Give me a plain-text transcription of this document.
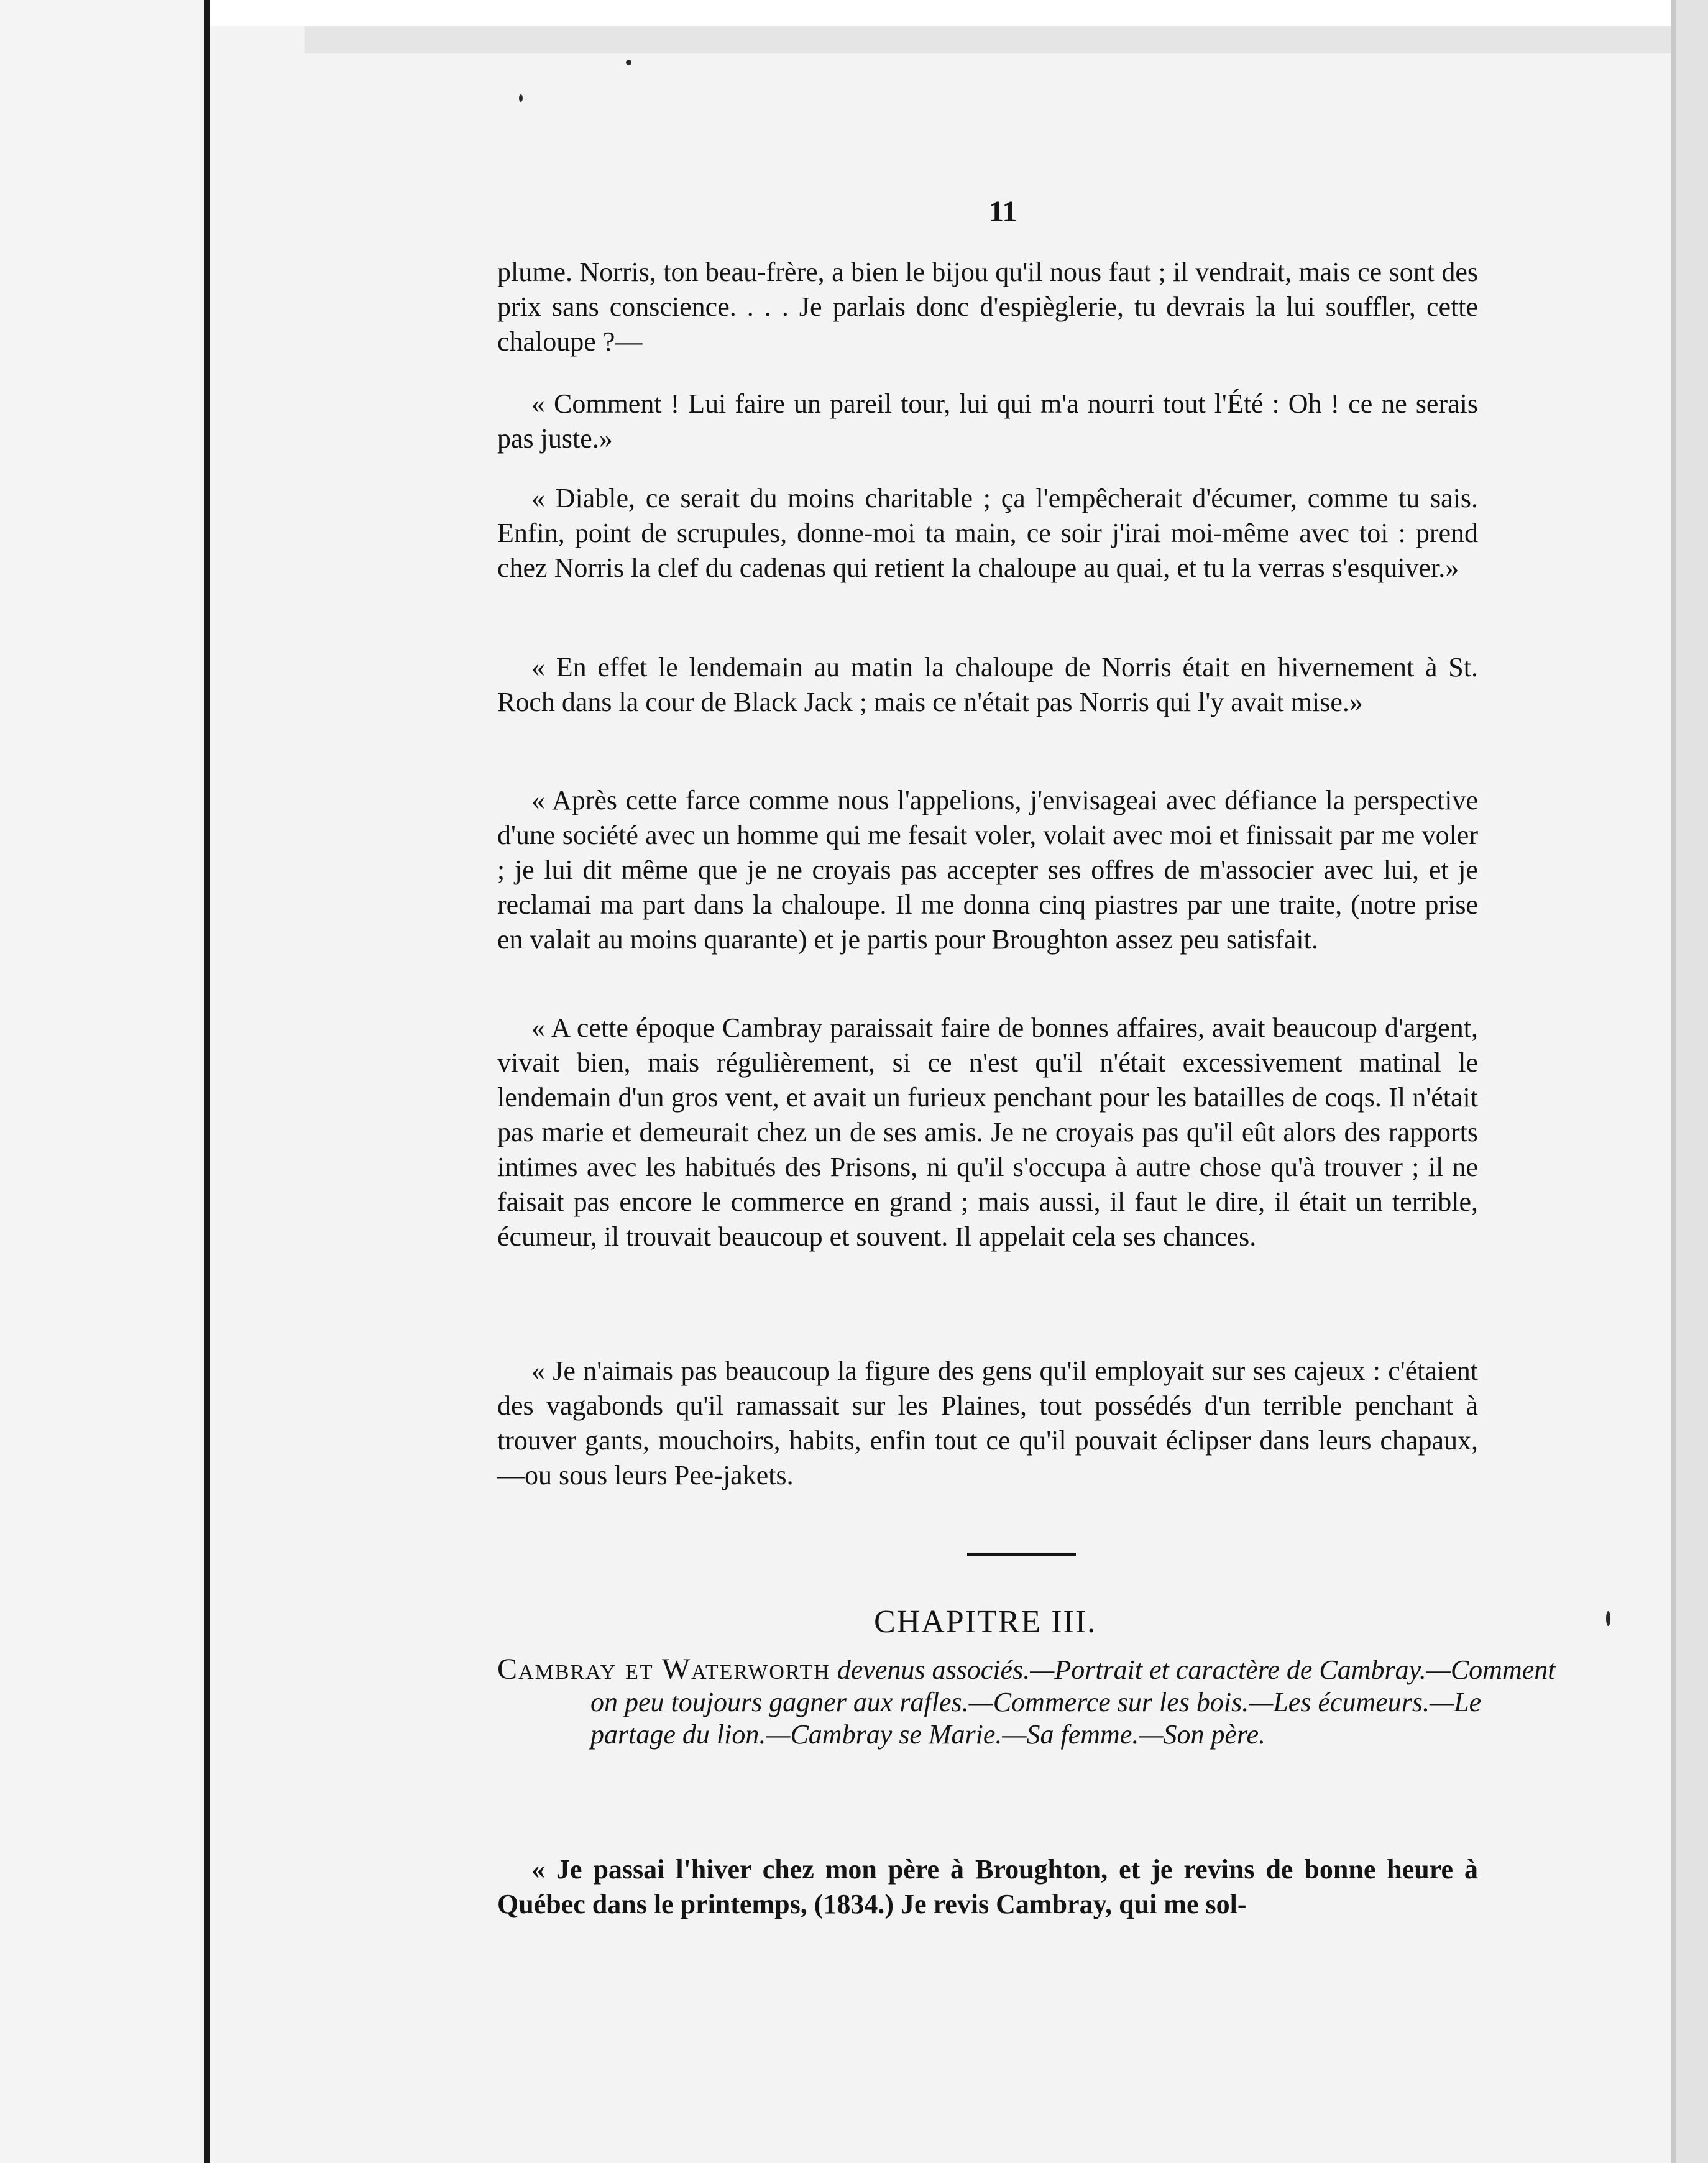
11

plume. Norris, ton beau-frère, a bien le bijou qu'il nous faut ; il vendrait, mais ce sont des prix sans conscience. . . . Je parlais donc d'espièglerie, tu devrais la lui souffler, cette chaloupe ?—

« Comment ! Lui faire un pareil tour, lui qui m'a nourri tout l'Été : Oh ! ce ne serais pas juste.»

« Diable, ce serait du moins charitable ; ça l'empêcherait d'écumer, comme tu sais. Enfin, point de scrupules, donne-moi ta main, ce soir j'irai moi-même avec toi : prend chez Norris la clef du cadenas qui retient la chaloupe au quai, et tu la verras s'esquiver.»

« En effet le lendemain au matin la chaloupe de Norris était en hivernement à St. Roch dans la cour de Black Jack ; mais ce n'était pas Norris qui l'y avait mise.»

« Après cette farce comme nous l'appelions, j'envisageai avec défiance la perspective d'une société avec un homme qui me fesait voler, volait avec moi et finissait par me voler ; je lui dit même que je ne croyais pas accepter ses offres de m'associer avec lui, et je reclamai ma part dans la chaloupe. Il me donna cinq piastres par une traite, (notre prise en valait au moins quarante) et je partis pour Broughton assez peu satisfait.

« A cette époque Cambray paraissait faire de bonnes affaires, avait beaucoup d'argent, vivait bien, mais régulièrement, si ce n'est qu'il n'était excessivement matinal le lendemain d'un gros vent, et avait un furieux penchant pour les batailles de coqs. Il n'était pas marie et demeurait chez un de ses amis. Je ne croyais pas qu'il eût alors des rapports intimes avec les habitués des Prisons, ni qu'il s'occupa à autre chose qu'à trouver ; il ne faisait pas encore le commerce en grand ; mais aussi, il faut le dire, il était un terrible, écumeur, il trouvait beaucoup et souvent. Il appelait cela ses chances.

« Je n'aimais pas beaucoup la figure des gens qu'il employait sur ses cajeux : c'étaient des vagabonds qu'il ramassait sur les Plaines, tout possédés d'un terrible penchant à trouver gants, mouchoirs, habits, enfin tout ce qu'il pouvait éclipser dans leurs chapaux,—ou sous leurs Pee-jakets.

CHAPITRE III.

Cambray et Waterworth devenus associés.—Portrait et caractère de Cambray.—Comment on peu toujours gagner aux rafles.—Commerce sur les bois.—Les écumeurs.—Le partage du lion.—Cambray se Marie.—Sa femme.—Son père.

« Je passai l'hiver chez mon père à Broughton, et je revins de bonne heure à Québec dans le printemps, (1834.) Je revis Cambray, qui me sol-
